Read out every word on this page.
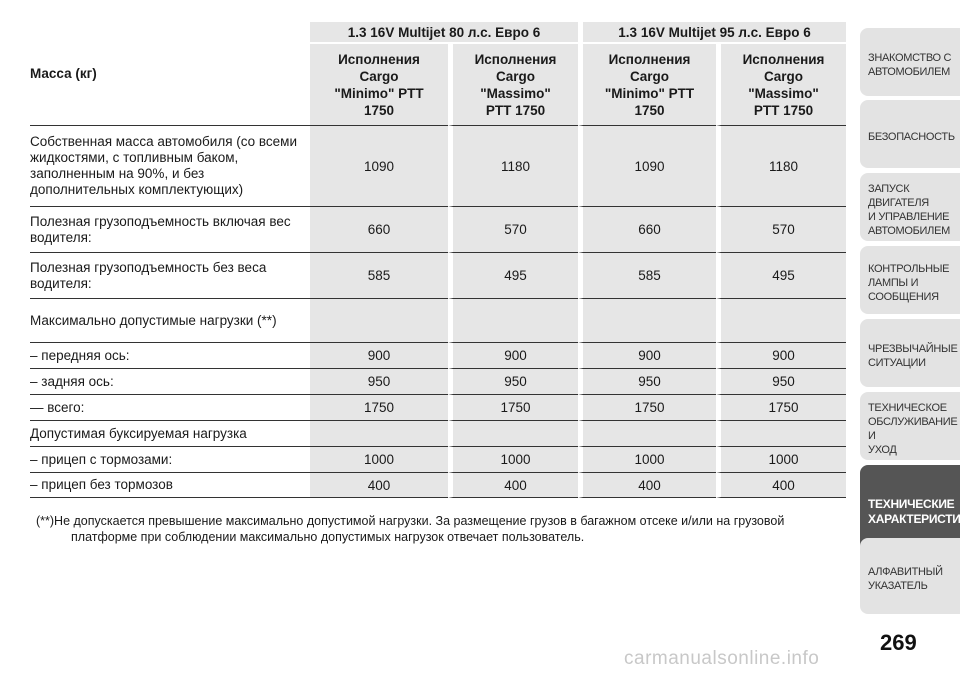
Масса (кг)	1.3 16V Multijet 80 л.с. Евро 6		1.3 16V Multijet 95 л.с. Евро 6	
	Исполнения
Cargo
"Minimo" PTT
1750	Исполнения
Cargo
"Massimo"
PTT 1750	Исполнения
Cargo
"Minimo" PTT
1750	Исполнения
Cargo
"Massimo"
PTT 1750
Собственная масса автомобиля (со всеми жидкостями, с топливным баком, заполненным на 90%, и без дополнительных комплектующих)	1090	1180	1090	1180
Полезная грузоподъемность включая вес водителя:	660	570	660	570
Полезная грузоподъемность без веса водителя:	585	495	585	495
Максимально допустимые нагрузки (**)				
– передняя ось:	900	900	900	900
– задняя ось:	950	950	950	950
— всего:	1750	1750	1750	1750
Допустимая буксируемая нагрузка				
– прицеп с тормозами:	1000	1000	1000	1000
– прицеп без тормозов	400	400	400	400
(**)Не допускается превышение максимально допустимой нагрузки. За размещение грузов в багажном отсеке и/или на грузовой
платформе при соблюдении максимально допустимых нагрузок отвечает пользователь.
ЗНАКОМСТВО С
АВТОМОБИЛЕМ
БЕЗОПАСНОСТЬ
ЗАПУСК ДВИГАТЕЛЯ
И УПРАВЛЕНИЕ
АВТОМОБИЛЕМ
КОНТРОЛЬНЫЕ
ЛАМПЫ И
СООБЩЕНИЯ
ЧРЕЗВЫЧАЙНЫЕ
СИТУАЦИИ
ТЕХНИЧЕСКОЕ
ОБСЛУЖИВАНИЕ И
УХОД
ТЕХНИЧЕСКИЕ
ХАРАКТЕРИСТИКИ
АЛФАВИТНЫЙ
УКАЗАТЕЛЬ
269
carmanualsonline.info
